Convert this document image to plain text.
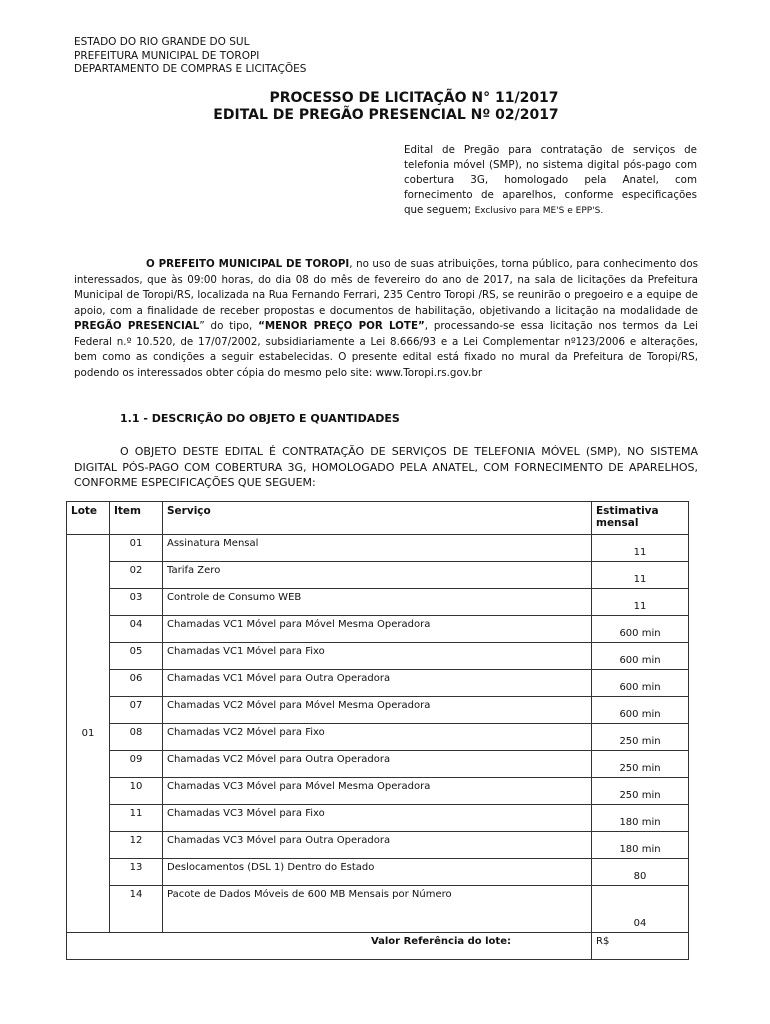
ESTADO DO RIO GRANDE DO SUL
PREFEITURA MUNICIPAL DE TOROPI
DEPARTAMENTO DE COMPRAS E LICITAÇÕES
PROCESSO DE LICITAÇÃO N° 11/2017
EDITAL DE PREGÃO PRESENCIAL Nº 02/2017
Edital de Pregão para contratação de serviços de telefonia móvel (SMP), no sistema digital pós-pago com cobertura 3G, homologado pela Anatel, com fornecimento de aparelhos, conforme especificações que seguem; Exclusivo para ME'S e EPP'S.
O PREFEITO MUNICIPAL DE TOROPI, no uso de suas atribuições, torna público, para conhecimento dos interessados, que às 09:00 horas, do dia 08 do mês de fevereiro do ano de 2017, na sala de licitações da Prefeitura Municipal de Toropi/RS, localizada na Rua Fernando Ferrari, 235 Centro Toropi /RS, se reunirão o pregoeiro e a equipe de apoio, com a finalidade de receber propostas e documentos de habilitação, objetivando a licitação na modalidade de PREGÃO PRESENCIAL” do tipo, “MENOR PREÇO POR LOTE”, processando-se essa licitação nos termos da Lei Federal n.º 10.520, de 17/07/2002, subsidiariamente a Lei 8.666/93 e a Lei Complementar nº123/2006 e alterações, bem como as condições a seguir estabelecidas. O presente edital está fixado no mural da Prefeitura de Toropi/RS, podendo os interessados obter cópia do mesmo pelo site: www.Toropi.rs.gov.br
1.1 - DESCRIÇÃO DO OBJETO E QUANTIDADES
O OBJETO DESTE EDITAL É CONTRATAÇÃO DE SERVIÇOS DE TELEFONIA MÓVEL (SMP), NO SISTEMA DIGITAL PÓS-PAGO COM COBERTURA 3G, HOMOLOGADO PELA ANATEL, COM FORNECIMENTO DE APARELHOS, CONFORME ESPECIFICAÇÕES QUE SEGUEM:
Lote	Item	Serviço	Estimativa mensal
01	01	Assinatura Mensal	11
	02	Tarifa Zero	11
	03	Controle de Consumo WEB	11
	04	Chamadas VC1 Móvel para Móvel Mesma Operadora	600 min
	05	Chamadas VC1 Móvel para Fixo	600 min
	06	Chamadas VC1 Móvel para Outra Operadora	600 min
	07	Chamadas VC2 Móvel para Móvel Mesma Operadora	600 min
	08	Chamadas VC2 Móvel para Fixo	250 min
	09	Chamadas VC2 Móvel para Outra Operadora	250 min
	10	Chamadas VC3 Móvel para Móvel Mesma Operadora	250 min
	11	Chamadas VC3 Móvel para Fixo	180 min
	12	Chamadas VC3 Móvel para Outra Operadora	180 min
	13	Deslocamentos (DSL 1) Dentro do Estado	80
	14	Pacote de Dados Móveis de 600 MB Mensais por Número	04
Valor Referência do lote:			R$
